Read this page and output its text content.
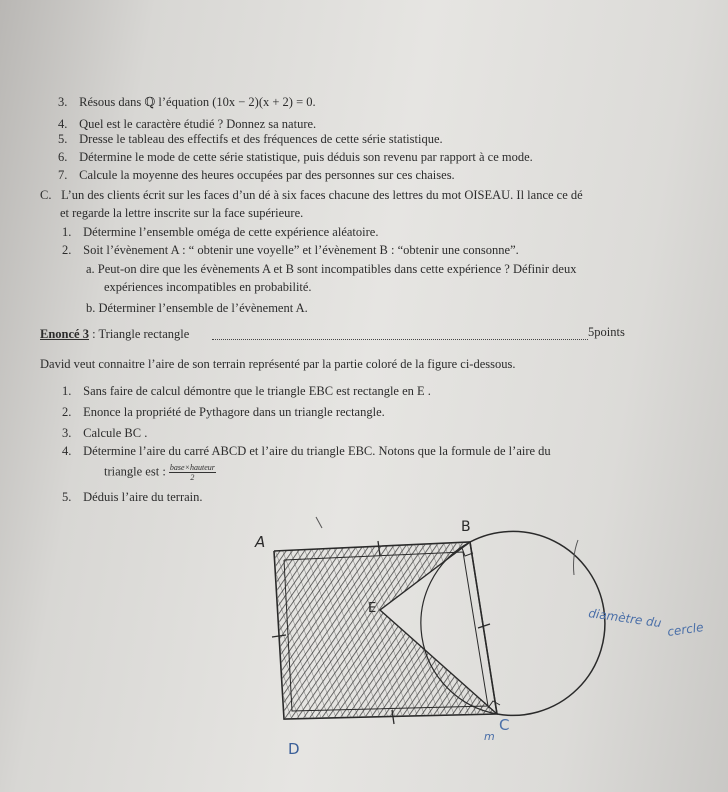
3. Résous dans ℚ l’équation (10x − 2)(x + 2) = 0.
4. Quel est le caractère étudié ? Donnez sa nature.
5. Dresse le tableau des effectifs et des fréquences de cette série statistique.
6. Détermine le mode de cette série statistique, puis déduis son revenu par rapport à ce mode.
7. Calcule la moyenne des heures occupées par des personnes sur ces chaises.
C. L’un des clients écrit sur les faces d’un dé à six faces chacune des lettres du mot OISEAU. Il lance ce dé
et regarde la lettre inscrite sur la face supérieure.
1. Détermine l’ensemble oméga de cette expérience aléatoire.
2. Soit l’évènement A : “ obtenir une voyelle” et l’évènement B : “obtenir une consonne”.
a. Peut-on dire que les évènements A et B sont incompatibles dans cette expérience ? Définir deux
expériences incompatibles en probabilité.
b. Déterminer l’ensemble de l’évènement A.
Enoncé 3 : Triangle rectangle	5points
David veut connaitre l’aire de son terrain représenté par la partie coloré de la figure ci-dessous.
1. Sans faire de calcul démontre que le triangle EBC est rectangle en E .
2. Enonce la propriété de Pythagore dans un triangle rectangle.
3. Calcule BC .
4. Détermine l’aire du carré ABCD et l’aire du triangle EBC. Notons que la formule de l’aire du
triangle est : $\frac{\text{base×hauteur}}{2}$
5. Déduis l’aire du terrain.
A
B
C
D
E
m
diamètre du cercle
